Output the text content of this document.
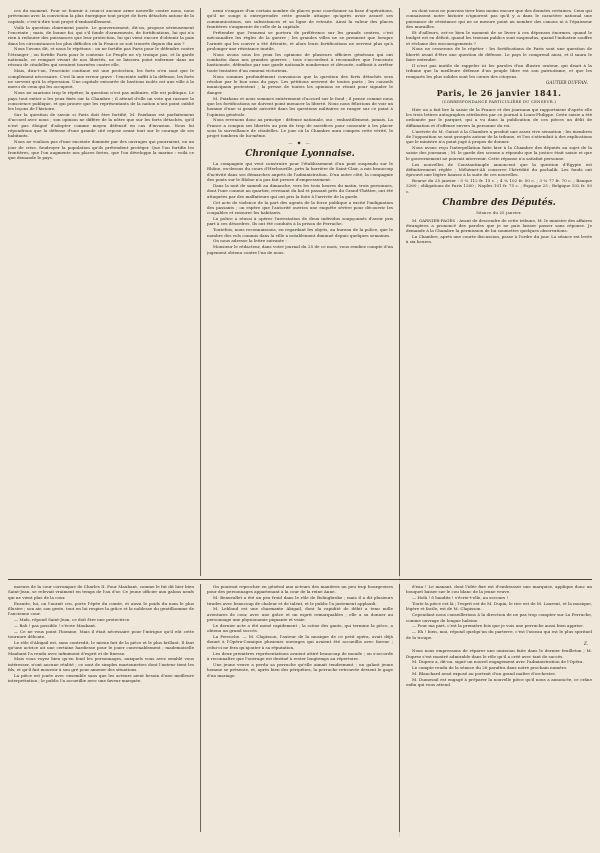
ces du moment. Pour se fournir à ceux-ci aucune arme nouvelle contre nous, nous prévenons avec la conviction la plus énergique tout projet de forts détachés autour de la capitale, c'est-à-dire tout projet d'embastillement.

Voilà la question clairement posée. Le gouvernement, dit-on, propose sérieusement l'enceinte ; mais, de bonne foi, qui s'il fonde d'armements, de fortifications, lui qui n'a rien à redouter des puissances que leur protection, lui qui vient encore d'obtenir la paix dans les circonstances les plus difficiles où la France se soit trouvée depuis dix ans ?

Nous l'avons dit, et nous le répétons : on ne fortifie pas Paris pour le défendre contre l'étranger ; on fortifie Paris pour le contenir. Le Peuple ne s'y trompe pas, et la garde nationale, ce rempart vivant de nos libertés, ne se laissera point enfermer dans un réseau de citadelles qui seraient tournées contre elle.

Mais, dira-t-on, l'enceinte continue est une protection, les forts n'en sont que le complément nécessaire. C'est là une erreur grave : l'enceinte suffit à la défense, les forts ne servent qu'à la répression. Une capitale entourée de bastions isolés est une ville à la merci de ceux qui les occupent.

Nous ne saurions trop le répéter, la question n'est pas militaire, elle est politique. Le pays tout entier a les yeux fixés sur la Chambre ; il attend d'elle un vote qui rassure la conscience publique, et qui prouve que les représentants de la nation n'ont point oublié les leçons de l'histoire.

Sur la question de savoir si Paris doit être fortifié, M. Paixhans est parfaitement d'accord avec nous ; son opinion ne diffère de la nôtre que sur les forts détachés, qu'il n'est pas éloigné d'adopter comme moyen défensif en cas d'invasion. Nous lui répondrons que la défense d'une grande cité repose avant tout sur le courage de ses habitants.

Nous ne voulons pas d'une enceinte dominée par des ouvrages qui pourraient, en un jour de crise, foudroyer la population qu'ils prétendent protéger. Que l'on fortifie les frontières, que l'on augmente nos places fortes, que l'on développe la marine : voilà ce que demande le pays.

nemi s'empare d'un certain nombre de places pour coordonner sa base d'opérations, qu'il ne songe à entreprendre cette grande attaque qu'après avoir assuré ses communications, ses subsistances et sa ligne de retraite. Ainsi la valeur des places frontières s'augmente de celle de la capitale.

Prétendre que l'ennemi se portera de préférence sur les grands centres, c'est méconnaître les règles de la guerre ; les grandes villes ne se prennent que lorsque l'armée qui les couvre a été détruite, et alors leurs fortifications ne servent plus qu'à prolonger une résistance inutile.

Nous avons sous les yeux les opinions de plusieurs officiers généraux qui ont combattu dans nos grandes guerres ; tous s'accordent à reconnaître que l'enceinte bastionnée, défendue par une garde nationale nombreuse et dévouée, suffirait à arrêter toute tentative d'un ennemi victorieux.

Nous sommes profondément convaincus que la question des forts détachés sera résolue par le bon sens du pays. Les pétitions arrivent de toutes parts ; les conseils municipaux protestent ; la presse de toutes les opinions se réunit pour signaler le danger.

M. Paixhans et nous sommes entièrement d'accord sur le fond ; il pense comme nous que les fortifications ne doivent point menacer la liberté. Nous nous félicitons de voir un homme d'une si grande autorité dans les questions militaires se ranger sur ce point à l'opinion générale.

Nous revenons donc au principe : défense nationale, oui ; embastillement, jamais. La France a conquis ses libertés au prix de trop de sacrifices pour consentir à les placer sous la surveillance de citadelles. Le jour où la Chambre aura compris cette vérité, le projet tombera de lui-même.

— ◆ —
Chronique Lyonnaise.

La compagnie qui veut construire pour l'établissement d'un pont suspendu sur le Rhône, en-dessus du cours d'Herbouville, près la barrière de Saint-Clair, a mis beaucoup d'activité dans ses démarches auprès de l'administration. D'un autre côté, la compagnie des ponts sur le Rhône n'a pas fait preuve d'empressement.

Dans la nuit de samedi au dimanche, vers les trois heures du matin, trois personnes, dont l'une connue au quartier, revenant du bal et passant près du Grand-Théâtre, ont été attaquées par des malfaiteurs qui ont pris la fuite à l'arrivée de la garde.

Cet acte de violence de la part des agents de la force publique a excité l'indignation des passants ; on espère que l'autorité ouvrira une enquête sévère pour découvrir les coupables et rassurer les habitants.

La police a réussi à opérer l'arrestation de deux individus soupçonnés d'avoir pris part à ces désordres. Ils ont été conduits à la prison de Perrache.

Toutefois, nous reconnaissons, en regardant les objets, au bureau de la police, que le nombre des vols commis dans la ville a notablement diminué depuis quelques semaines.

On nous adresse la lettre suivante :

Monsieur le rédacteur, dans votre journal du 25 de ce mois, vous rendiez compte d'un jugement obtenu contre l'un de nous.

en dont nous ne pouvons tirer bien moins encore que des données certaines. Ceux qui connaissent notre histoire n'ignorent pas qu'il y a dans le caractère national une puissance de résistance qui ne se mesure point au nombre des canons ni à l'épaisseur des murailles.

Et d'ailleurs, est-ce bien le moment de se livrer à ces dépenses énormes, quand le budget est en déficit, quand les travaux publics sont suspendus, quand l'industrie souffre et réclame des encouragements ?

Nous ne cesserons de le répéter : les fortifications de Paris sont une question de liberté avant d'être une question de défense. Le pays le comprend ainsi, et il saura le faire entendre.

Il n'est pas inutile de rappeler ici les paroles d'un illustre orateur, qui disait à la tribune que la meilleure défense d'un peuple libre est son patriotisme, et que les remparts les plus solides sont les cœurs des citoyens.

GAUTIER DUFFAN.
Paris, le 26 janvier 1841.
(CORRESPONDANCE PARTICULIÈRE DU CENSEUR.)

Hier on a fait lire la saisie de la France et des journaux qui rapportaient d'après elle les trois lettres autographes attribuées par ce journal à Louis-Philippe. Cette saisie a été ordonnée par le parquet, qui a vu dans la publication de ces pièces un délit de diffamation et d'offense envers la personne du roi.

L'arrivée de M. Guizot à la Chambre a produit une assez vive sensation ; les membres de l'opposition se sont groupés autour de la tribune, et l'on s'attendait à des explications que le ministre n'a point jugé à propos de donner.

Nous avons reçu l'interpellation faite hier à la Chambre des députés au sujet de la saisie des journaux ; M. le garde des sceaux a répondu que la justice était saisie et que le gouvernement ne pouvait intervenir. Cette réponse n'a satisfait personne.

Les nouvelles de Constantinople annoncent que la question d'Égypte est définitivement réglée ; Méhémet-Ali conserve l'hérédité du pachalik. Les fonds ont éprouvé une légère hausse à la suite de ces nouvelles.

Bourse du 25 janvier : 5 % 112 fr. 15 c. ; 4 % 102 fr. 50 c. ; 3 % 77 fr. 70 c. ; Banque 3260 ; obligations de Paris 1260 ; Naples 101 fr. 75 c. ; Espagne 23 ; Belgique 102 fr. 50 c.

Chambre des Députés.
Séance du 25 janvier.

M. GARNIER-PAGÈS : Avant de descendre de cette tribune, M. le ministre des affaires étrangères a prononcé des paroles que je ne puis laisser passer sans réponse. Je demande à la Chambre la permission de lui soumettre quelques observations.

La Chambre, après une courte discussion, passe à l'ordre du jour. La séance est levée à six heures.

moeurs de la cour corrompue de Charles II. Pour Maubant, comme le fut dit hier bien Saint-Jean, se relevait vraiment en temps de l'au d'or. Ce jeune officier aux galons neufs qui ne vient plus de la cour.

Ensuite, lui, on l'aurait cru, porte l'épée du comte, et aussi le poids du nom le plus illustre ; son air, son geste, tout en lui respire la grâce et la noblesse du gentilhomme de l'ancienne cour.

— Maîs, répond Saint-Jean, ce doit être une protectrice.

— Bah ! pas possible ! s'écrie Maubant.

— Ce ne vous point l'homme. Mais il était nécessaire pour l'intrigue qu'il eût cette tournure délicate.

Le rôle d'Abigail est, sans contredit, le mieux fait de la pièce et le plus brillant. Il faut qu'une actrice ait une certaine hardiesse pour le jouer convenablement ; mademoiselle Maubant l'a rendu avec infiniment d'esprit et de finesse.

Mais vous voyez bien qu'en fond les personnages, auxquels vous avez semblé vous intéresser, n'ont aucune réalité ; ce sont de simples marionnettes dont l'auteur tient les fils, et qu'il fait mouvoir à son gré pour amener des situations.

La pièce est jouée avec ensemble sans que les acteurs aient besoin d'une meilleure interprétation ; le public l'a accueillie avec une faveur marquée.

On pourrait reprocher en général aux acteurs des manières un peu trop bourgeoises pour des personnages appartenant à la cour de la reine Anne.

M. Beauvallet a été un peu froid dans le rôle de Bolingbroke ; mais il a dit plusieurs tirades avec beaucoup de chaleur et de talent, et le public l'a justement applaudi.

M. Leblond est une charmante Abigail, dont la rapidité de débit a tenu mille aventures de cour, avec une grâce et un esprit remarquables ; elle a su donner au personnage une physionomie piquante et vraie.

Le dernier acte a été mené rapidement ; la scène des gants, qui termine la pièce, a obtenu un grand succès.

La Perruche. — M. Clapisson, l'auteur de la musique de ce petit opéra, avait déjà donné à l'Opéra-Comique plusieurs ouvrages qui avaient été accueillis avec faveur ; celui-ci ne fera qu'ajouter à sa réputation.

Les deux premières représentations avaient attiré beaucoup de monde ; on s'accorde à reconnaître que l'ouvrage est destiné à rester longtemps au répertoire.

Une jeune veuve a perdu sa perruche qu'elle aimait tendrement ; un galant jeune homme se présente, et, après bien des péripéties, la perruche retrouvée devient le gage d'un mariage.

d'eau ! Le manant, dont l'idée fixe est d'embrasser une marquise, applique donc un bouquet baiser sur le cou blanc de la jeune veuve.

— Holà ! ô bandits ! s'écrie-t-elle, au secours !

Toute la pièce est là ; l'esprit est de M. Dupin, le rire est de M. Laurent, et la musique, légère et facile, est de M. Clapisson.

Cependant nous conseillerions à la direction de ne pas trop compter sur La Perruche, comme ouvrage de longue haleine.

— Pour ma part, c'est la première fois que je vois une perruche aussi bien apprise.

— Eh ! bien, moi, répond quelqu'un du parterre, c'est l'oiseau qui est le plus spirituel de la troupe.

Z.

Nous nous empressons de réparer une omission faite dans le dernier feuilleton ; M. Duprez s'est montré admirable dans le rôle qu'il a créé avec tant de succès.

M. Duprez a, dit-on, signé un nouvel engagement avec l'administration de l'Opéra.

Le compte rendu de la séance du 26 paraîtra dans notre prochain numéro.

M. Blanchard avait exposé au portrait d'un grand maître d'orchestre.

M. Dumesnil est engagé à préparer la nouvelle pièce qu'il nous a annoncée, ce crâne enfin qui vous attend.
